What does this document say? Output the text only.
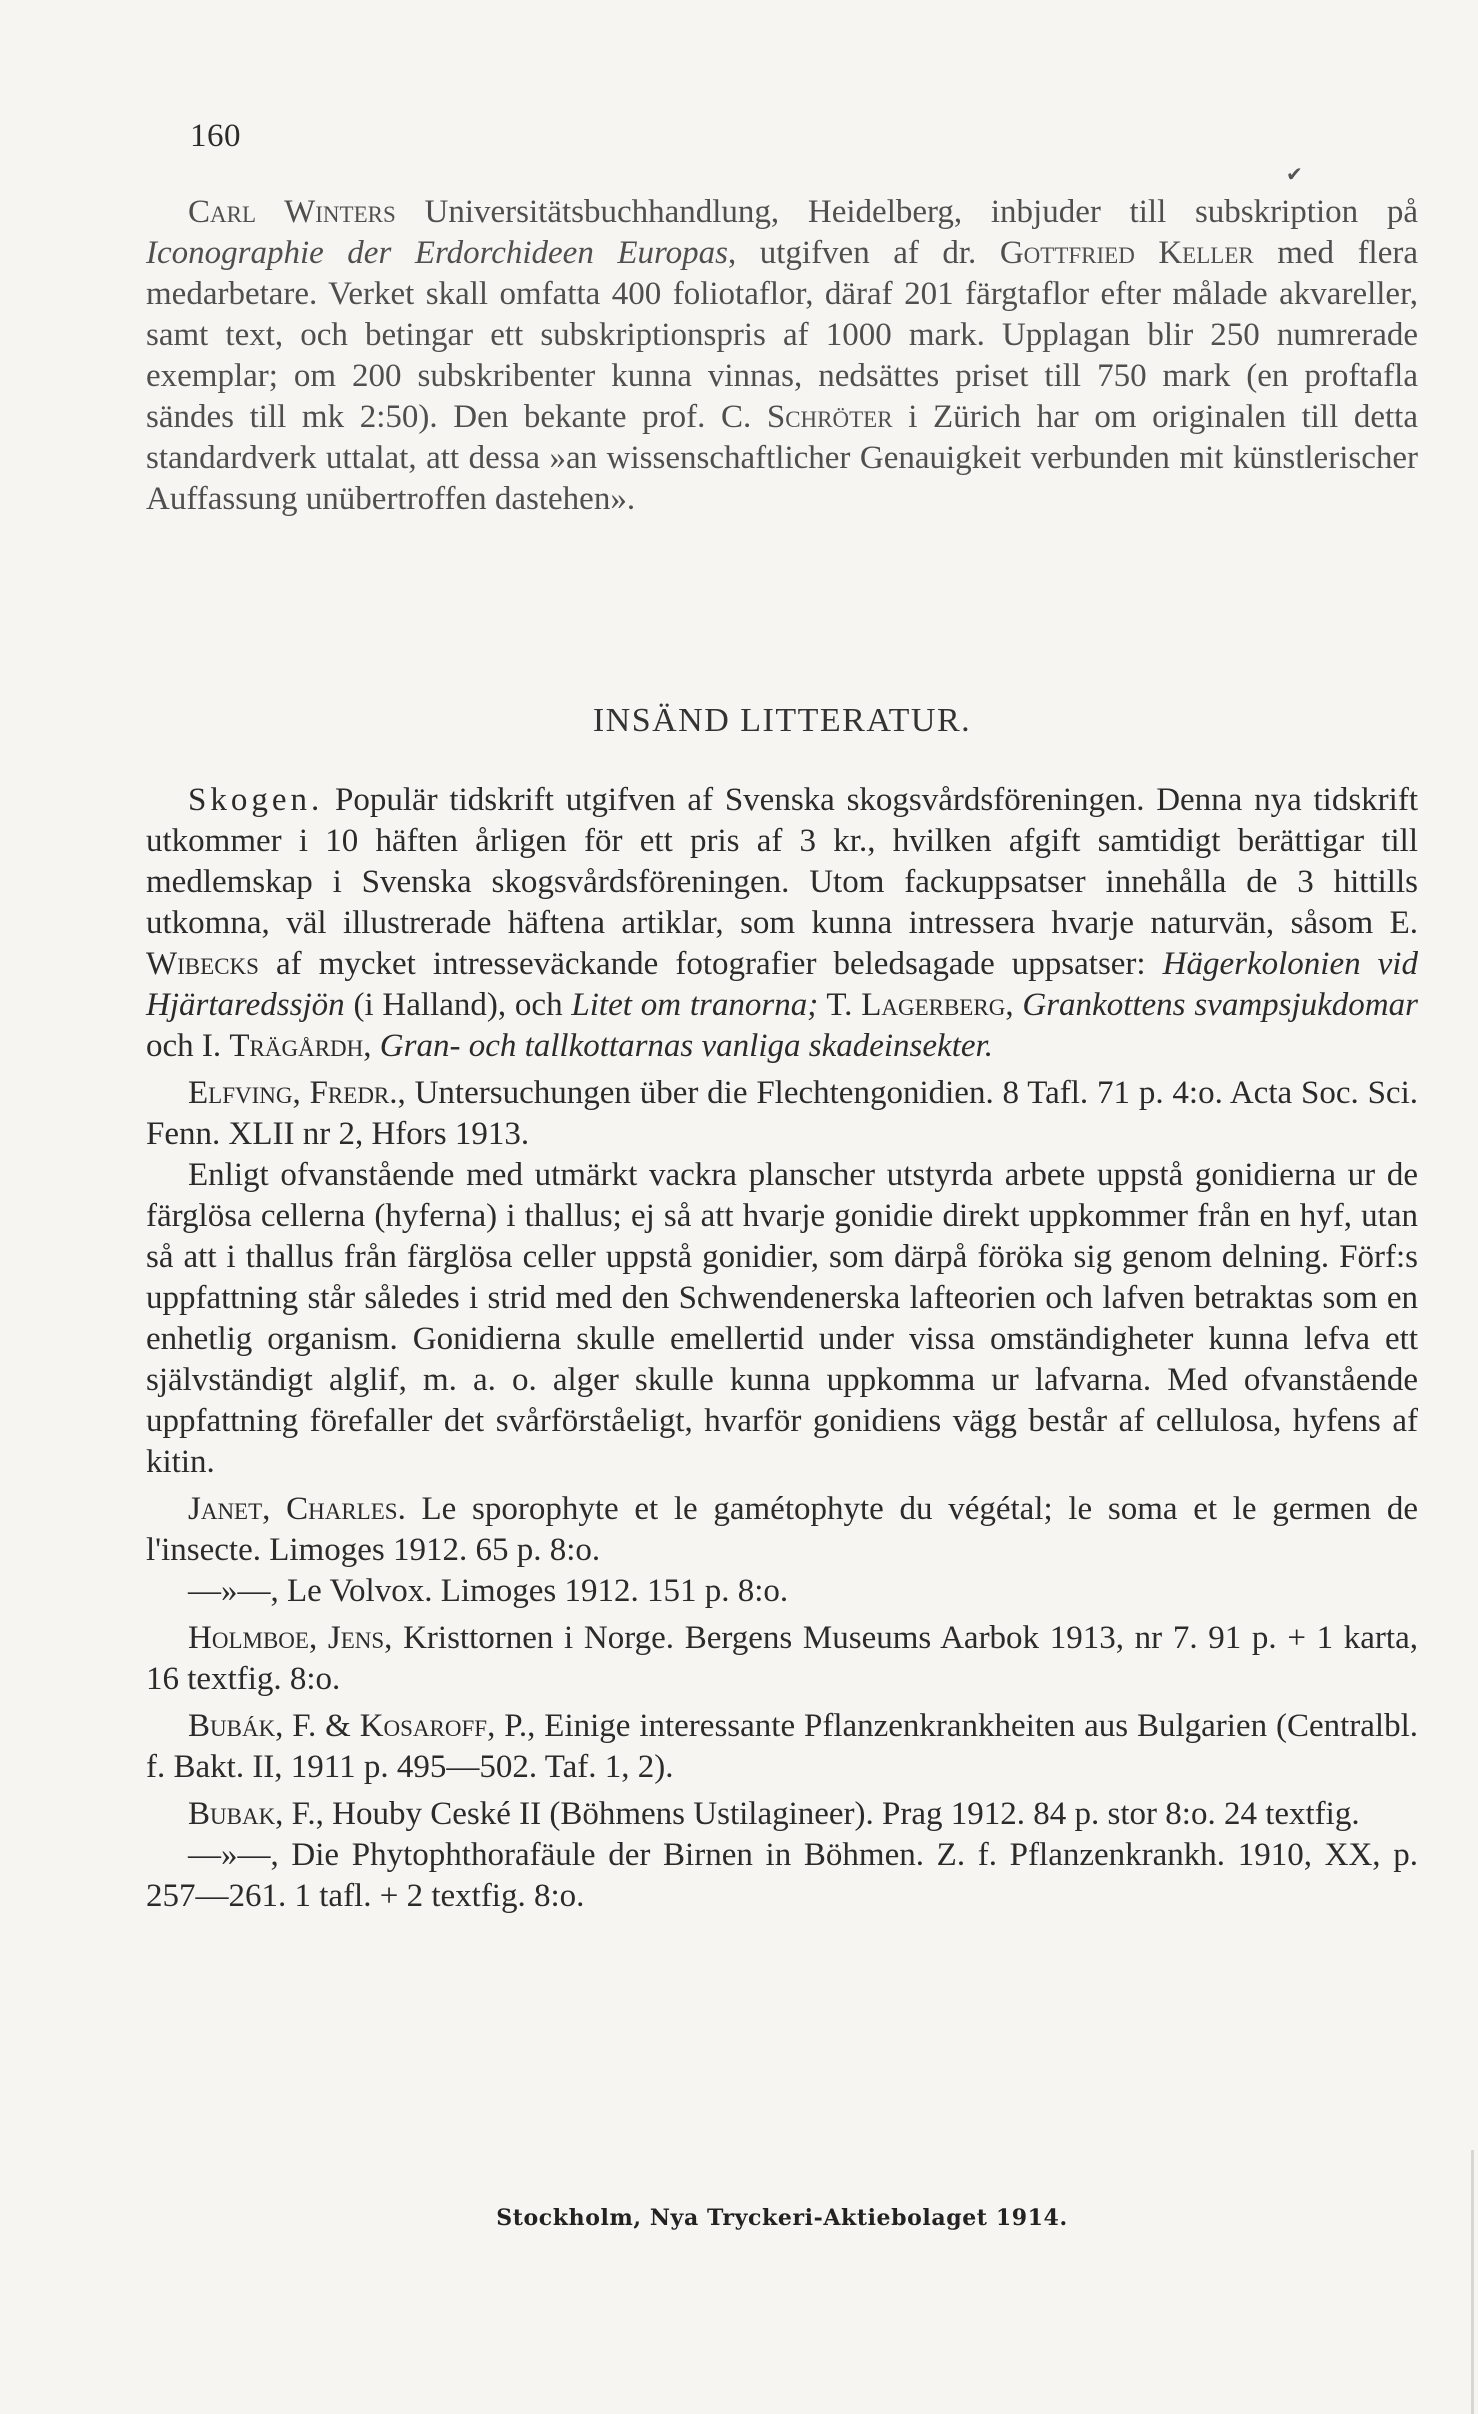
160
✔

Carl Winters Universitätsbuchhandlung, Heidelberg, inbjuder till subskription på Iconographie der Erdorchideen Europas, utgifven af dr. Gottfried Keller med flera medarbetare. Verket skall omfatta 400 foliotaflor, däraf 201 färgtaflor efter målade akvareller, samt text, och betingar ett subskriptionspris af 1000 mark. Upplagan blir 250 numrerade exemplar; om 200 subskribenter kunna vinnas, nedsättes priset till 750 mark (en proftafla sändes till mk 2:50). Den bekante prof. C. Schröter i Zürich har om originalen till detta standardverk uttalat, att dessa »an wissenschaftlicher Genauigkeit verbunden mit künstlerischer Auffassung unübertroffen dastehen».

INSÄND LITTERATUR.

Skogen. Populär tidskrift utgifven af Svenska skogsvårdsföreningen. Denna nya tidskrift utkommer i 10 häften årligen för ett pris af 3 kr., hvilken afgift samtidigt berättigar till medlemskap i Svenska skogsvårdsföreningen. Utom fackuppsatser innehålla de 3 hittills utkomna, väl illustrerade häftena artiklar, som kunna intressera hvarje naturvän, såsom E. Wibecks af mycket intresseväckande fotografier beledsagade uppsatser: Hägerkolonien vid Hjärtaredssjön (i Halland), och Litet om tranorna; T. Lagerberg, Grankottens svampsjukdomar och I. Trägårdh, Gran- och tallkottarnas vanliga skadeinsekter.

Elfving, Fredr., Untersuchungen über die Flechtengonidien. 8 Tafl. 71 p. 4:o. Acta Soc. Sci. Fenn. XLII nr 2, Hfors 1913.

Enligt ofvanstående med utmärkt vackra planscher utstyrda arbete uppstå gonidierna ur de färglösa cellerna (hyferna) i thallus; ej så att hvarje gonidie direkt uppkommer från en hyf, utan så att i thallus från färglösa celler uppstå gonidier, som därpå föröka sig genom delning. Förf:s uppfattning står således i strid med den Schwendenerska lafteorien och lafven betraktas som en enhetlig organism. Gonidierna skulle emellertid under vissa omständigheter kunna lefva ett självständigt alglif, m. a. o. alger skulle kunna uppkomma ur lafvarna. Med ofvanstående uppfattning förefaller det svårförståeligt, hvarför gonidiens vägg består af cellulosa, hyfens af kitin.

Janet, Charles. Le sporophyte et le gamétophyte du végétal; le soma et le germen de l'insecte. Limoges 1912. 65 p. 8:o.

—»—, Le Volvox. Limoges 1912. 151 p. 8:o.

Holmboe, Jens, Kristtornen i Norge. Bergens Museums Aarbok 1913, nr 7. 91 p. + 1 karta, 16 textfig. 8:o.

Bubák, F. & Kosaroff, P., Einige interessante Pflanzenkrankheiten aus Bulgarien (Centralbl. f. Bakt. II, 1911 p. 495—502. Taf. 1, 2).

Bubak, F., Houby Ceské II (Böhmens Ustilagineer). Prag 1912. 84 p. stor 8:o. 24 textfig.

—»—, Die Phytophthorafäule der Birnen in Böhmen. Z. f. Pflanzenkrankh. 1910, XX, p. 257—261. 1 tafl. + 2 textfig. 8:o.

Stockholm, Nya Tryckeri-Aktiebolaget 1914.
